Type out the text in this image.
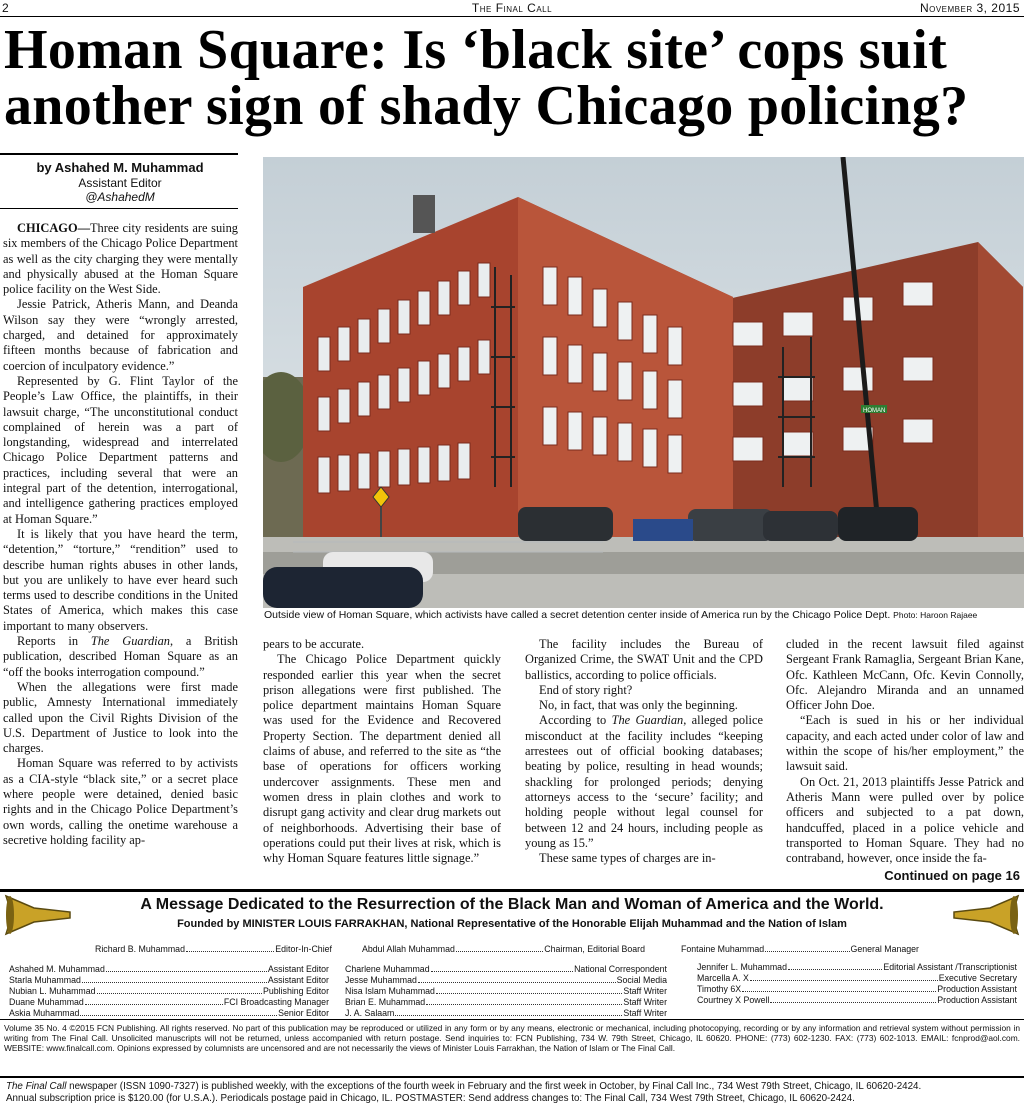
2	The Final Call	November 3, 2015
Homan Square: Is ‘black site’ cops suit another sign of shady Chicago policing?
by Ashahed M. Muhammad
Assistant Editor
@AshahedM

CHICAGO—Three city residents are suing six members of the Chicago Police Department as well as the city charging they were mentally and physically abused at the Homan Square police facility on the West Side.

Jessie Patrick, Atheris Mann, and Deanda Wilson say they were “wrongly arrested, charged, and detained for approximately fifteen months because of fabrication and coercion of inculpatory evidence.”

Represented by G. Flint Taylor of the People’s Law Office, the plaintiffs, in their lawsuit charge, “The unconstitutional conduct complained of herein was a part of longstanding, widespread and interrelated Chicago Police Department patterns and practices, including several that were an integral part of the detention, interrogational, and intelligence gathering practices employed at Homan Square.”

It is likely that you have heard the term, “detention,” “torture,” “rendition” used to describe human rights abuses in other lands, but you are unlikely to have ever heard such terms used to describe conditions in the United States of America, which makes this case important to many observers.

Reports in The Guardian, a British publication, described Homan Square as an “off the books interrogation compound.”

When the allegations were first made public, Amnesty International immediately called upon the Civil Rights Division of the U.S. Department of Justice to look into the charges.

Homan Square was referred to by activists as a CIA-style “black site,” or a secret place where people were detained, denied basic rights and in the Chicago Police Department’s own words, calling the onetime warehouse a secretive holding facility ap-

HOMAN
Outside view of Homan Square, which activists have called a secret detention center inside of America run by the Chicago Police Dept. Photo: Haroon Rajaee

pears to be accurate.

The Chicago Police Department quickly responded earlier this year when the secret prison allegations were first published. The police department maintains Homan Square was used for the Evidence and Recovered Property Section. The department denied all claims of abuse, and referred to the site as “the base of operations for officers working undercover assignments. These men and women dress in plain clothes and work to disrupt gang activity and clear drug markets out of neighborhoods. Advertising their base of operations could put their lives at risk, which is why Homan Square features little signage.”

The facility includes the Bureau of Organized Crime, the SWAT Unit and the CPD ballistics, according to police officials.

End of story right?

No, in fact, that was only the beginning.

According to The Guardian, alleged police misconduct at the facility includes “keeping arrestees out of official booking databases; beating by police, resulting in head wounds; shackling for prolonged periods; denying attorneys access to the ‘secure’ facility; and holding people without legal counsel for between 12 and 24 hours, including people as young as 15.”

These same types of charges are in-

cluded in the recent lawsuit filed against Sergeant Frank Ramaglia, Sergeant Brian Kane, Ofc. Kathleen McCann, Ofc. Kevin Connolly, Ofc. Alejandro Miranda and an unnamed Officer John Doe.

“Each is sued in his or her individual capacity, and each acted under color of law and within the scope of his/her employment,” the lawsuit said.

On Oct. 21, 2013 plaintiffs Jesse Patrick and Atheris Mann were pulled over by police officers and subjected to a pat down, handcuffed, placed in a police vehicle and transported to Homan Square. They had no contraband, however, once inside the fa-

Continued on page 16
A Message Dedicated to the Resurrection of the Black Man and Woman of America and the World.
Founded by MINISTER LOUIS FARRAKHAN, National Representative of the Honorable Elijah Muhammad and the Nation of Islam
Richard B. Muhammad	Editor-In-Chief	Abdul Allah Muhammad	Chairman, Editorial Board	Fontaine Muhammad	General Manager
Ashahed M. Muhammad	Assistant Editor
Starla Muhammad	Assistant Editor
Nubian L. Muhammad	Publishing Editor
Duane Muhammad	FCI Broadcasting Manager
Askia Muhammad	Senior Editor
Charlene Muhammad	National Correspondent
Jesse Muhammad	Social Media
Nisa Islam Muhammad	Staff Writer
Brian E. Muhammad	Staff Writer
J. A. Salaam	Staff Writer
Jennifer L. Muhammad	Editorial Assistant /Transcriptionist
Marcella A. X	Executive Secretary
Timothy 6X	Production Assistant
Courtney X Powell	Production Assistant
Volume 35 No. 4 ©2015 FCN Publishing. All rights reserved. No part of this publication may be reproduced or utilized in any form or by any means, electronic or mechanical, including photocopying, recording or by any information and retrieval system without permission in writing from The Final Call. Unsolicited manuscripts will not be returned, unless accompanied with return postage. Send inquiries to: FCN Publishing, 734 W. 79th Street, Chicago, IL 60620. PHONE: (773) 602-1230. FAX: (773) 602-1013. EMAIL: fcnprod@aol.com. WEBSITE: www.finalcall.com. Opinions expressed by columnists are uncensored and are not necessarily the views of Minister Louis Farrakhan, the Nation of Islam or The Final Call.
The Final Call newspaper (ISSN 1090-7327) is published weekly, with the exceptions of the fourth week in February and the first week in October, by Final Call Inc., 734 West 79th Street, Chicago, IL 60620-2424.
Annual subscription price is $120.00 (for U.S.A.). Periodicals postage paid in Chicago, IL. POSTMASTER: Send address changes to: The Final Call, 734 West 79th Street, Chicago, IL 60620-2424.
